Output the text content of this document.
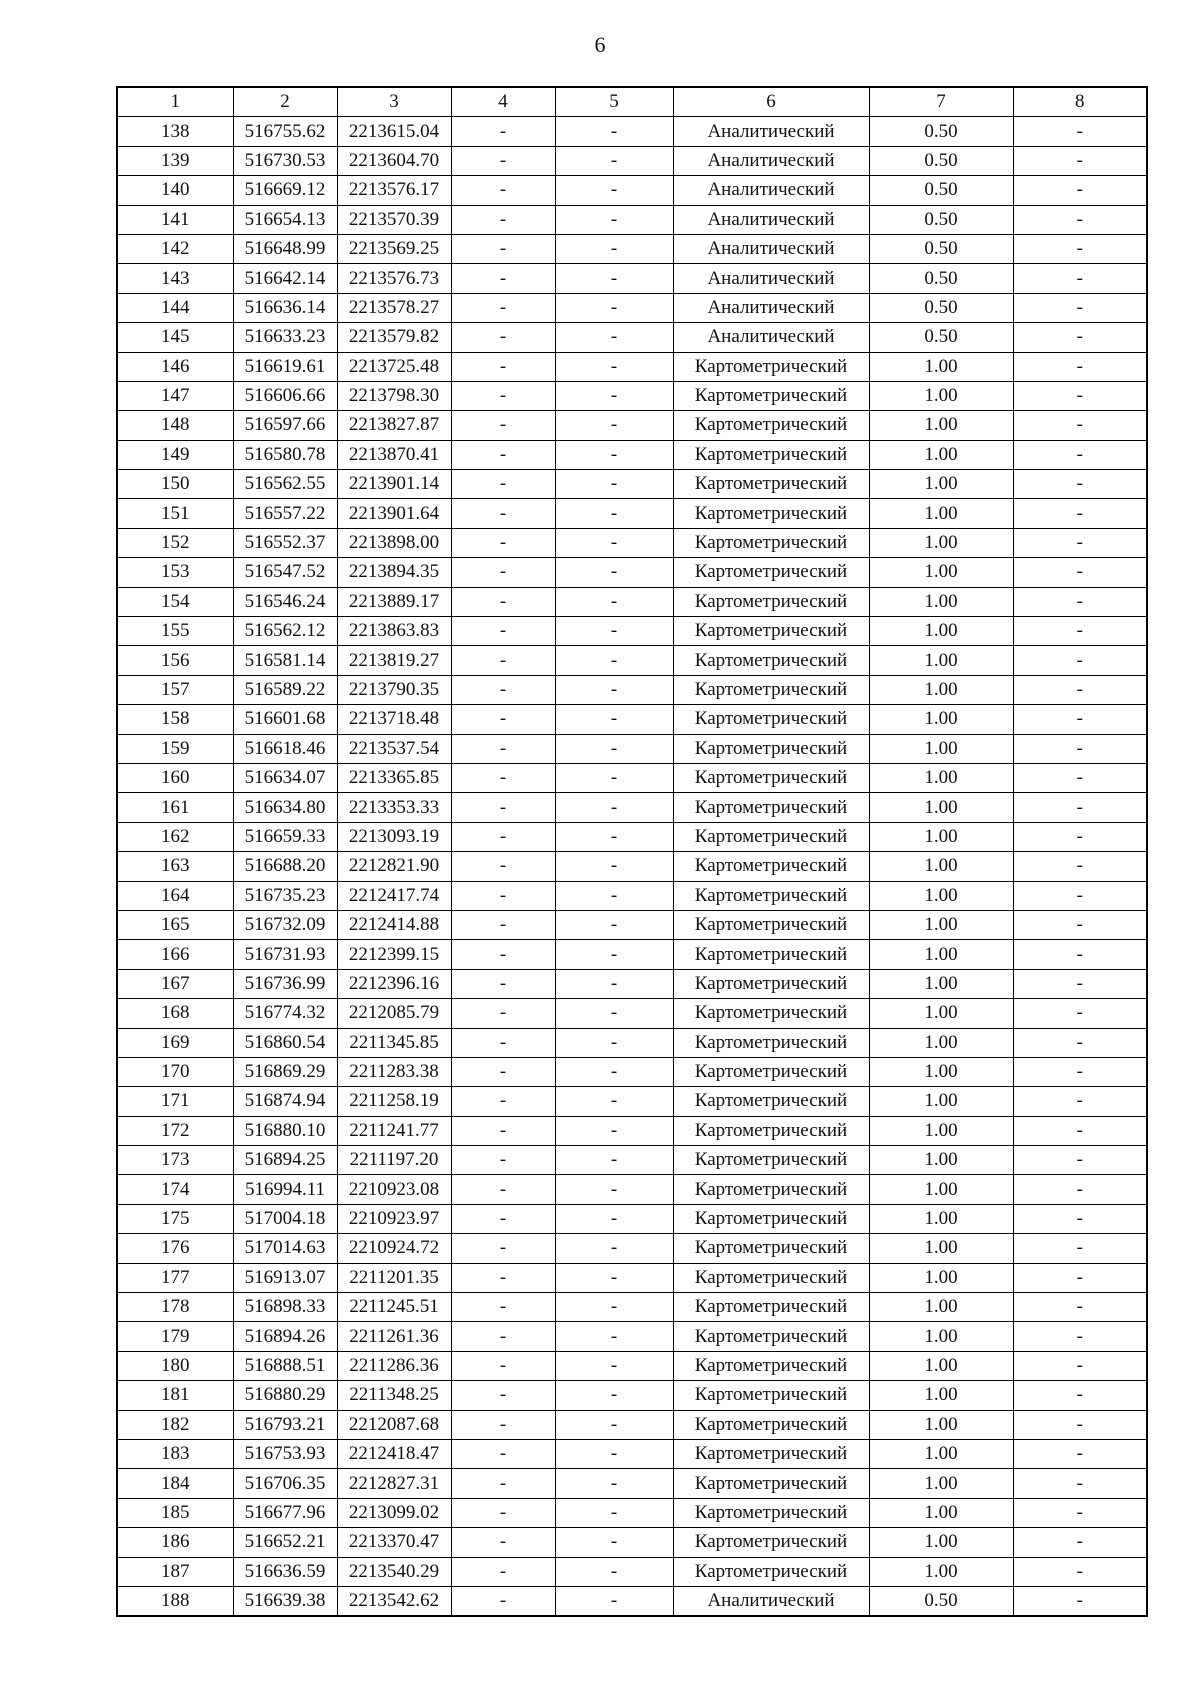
6
1	2	3	4	5	6	7	8
138	516755.62	2213615.04	-	-	Аналитический	0.50	-
139	516730.53	2213604.70	-	-	Аналитический	0.50	-
140	516669.12	2213576.17	-	-	Аналитический	0.50	-
141	516654.13	2213570.39	-	-	Аналитический	0.50	-
142	516648.99	2213569.25	-	-	Аналитический	0.50	-
143	516642.14	2213576.73	-	-	Аналитический	0.50	-
144	516636.14	2213578.27	-	-	Аналитический	0.50	-
145	516633.23	2213579.82	-	-	Аналитический	0.50	-
146	516619.61	2213725.48	-	-	Картометрический	1.00	-
147	516606.66	2213798.30	-	-	Картометрический	1.00	-
148	516597.66	2213827.87	-	-	Картометрический	1.00	-
149	516580.78	2213870.41	-	-	Картометрический	1.00	-
150	516562.55	2213901.14	-	-	Картометрический	1.00	-
151	516557.22	2213901.64	-	-	Картометрический	1.00	-
152	516552.37	2213898.00	-	-	Картометрический	1.00	-
153	516547.52	2213894.35	-	-	Картометрический	1.00	-
154	516546.24	2213889.17	-	-	Картометрический	1.00	-
155	516562.12	2213863.83	-	-	Картометрический	1.00	-
156	516581.14	2213819.27	-	-	Картометрический	1.00	-
157	516589.22	2213790.35	-	-	Картометрический	1.00	-
158	516601.68	2213718.48	-	-	Картометрический	1.00	-
159	516618.46	2213537.54	-	-	Картометрический	1.00	-
160	516634.07	2213365.85	-	-	Картометрический	1.00	-
161	516634.80	2213353.33	-	-	Картометрический	1.00	-
162	516659.33	2213093.19	-	-	Картометрический	1.00	-
163	516688.20	2212821.90	-	-	Картометрический	1.00	-
164	516735.23	2212417.74	-	-	Картометрический	1.00	-
165	516732.09	2212414.88	-	-	Картометрический	1.00	-
166	516731.93	2212399.15	-	-	Картометрический	1.00	-
167	516736.99	2212396.16	-	-	Картометрический	1.00	-
168	516774.32	2212085.79	-	-	Картометрический	1.00	-
169	516860.54	2211345.85	-	-	Картометрический	1.00	-
170	516869.29	2211283.38	-	-	Картометрический	1.00	-
171	516874.94	2211258.19	-	-	Картометрический	1.00	-
172	516880.10	2211241.77	-	-	Картометрический	1.00	-
173	516894.25	2211197.20	-	-	Картометрический	1.00	-
174	516994.11	2210923.08	-	-	Картометрический	1.00	-
175	517004.18	2210923.97	-	-	Картометрический	1.00	-
176	517014.63	2210924.72	-	-	Картометрический	1.00	-
177	516913.07	2211201.35	-	-	Картометрический	1.00	-
178	516898.33	2211245.51	-	-	Картометрический	1.00	-
179	516894.26	2211261.36	-	-	Картометрический	1.00	-
180	516888.51	2211286.36	-	-	Картометрический	1.00	-
181	516880.29	2211348.25	-	-	Картометрический	1.00	-
182	516793.21	2212087.68	-	-	Картометрический	1.00	-
183	516753.93	2212418.47	-	-	Картометрический	1.00	-
184	516706.35	2212827.31	-	-	Картометрический	1.00	-
185	516677.96	2213099.02	-	-	Картометрический	1.00	-
186	516652.21	2213370.47	-	-	Картометрический	1.00	-
187	516636.59	2213540.29	-	-	Картометрический	1.00	-
188	516639.38	2213542.62	-	-	Аналитический	0.50	-
